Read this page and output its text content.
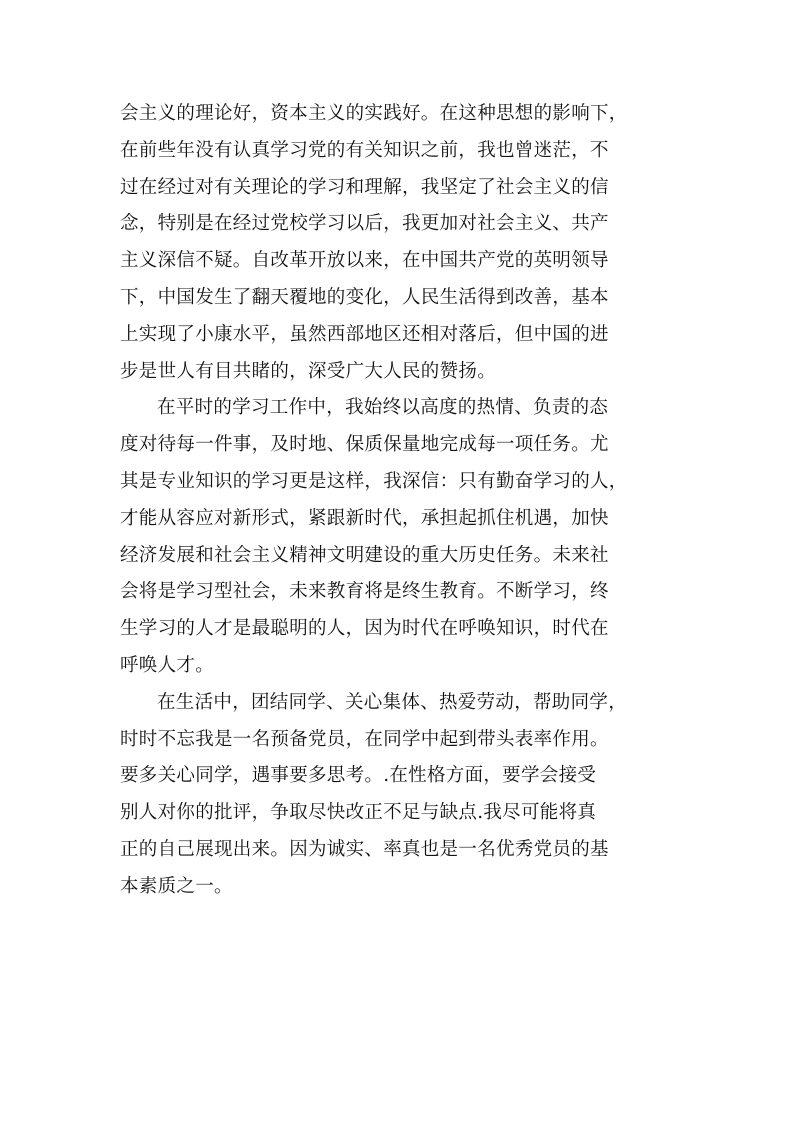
会主义的理论好，资本主义的实践好。在这种思想的影响下，
在前些年没有认真学习党的有关知识之前，我也曾迷茫，不
过在经过对有关理论的学习和理解，我坚定了社会主义的信
念，特别是在经过党校学习以后，我更加对社会主义、共产
主义深信不疑。自改革开放以来，在中国共产党的英明领导
下，中国发生了翻天覆地的变化，人民生活得到改善，基本
上实现了小康水平，虽然西部地区还相对落后，但中国的进
步是世人有目共睹的，深受广大人民的赞扬。
在平时的学习工作中，我始终以高度的热情、负责的态
度对待每一件事，及时地、保质保量地完成每一项任务。尤
其是专业知识的学习更是这样，我深信：只有勤奋学习的人，
才能从容应对新形式，紧跟新时代，承担起抓住机遇，加快
经济发展和社会主义精神文明建设的重大历史任务。未来社
会将是学习型社会，未来教育将是终生教育。不断学习，终
生学习的人才是最聪明的人，因为时代在呼唤知识，时代在
呼唤人才。
在生活中，团结同学、关心集体、热爱劳动，帮助同学，
时时不忘我是一名预备党员，在同学中起到带头表率作用。
要多关心同学，遇事要多思考。.在性格方面，要学会接受
别人对你的批评，争取尽快改正不足与缺点.我尽可能将真
正的自己展现出来。因为诚实、率真也是一名优秀党员的基
本素质之一。
